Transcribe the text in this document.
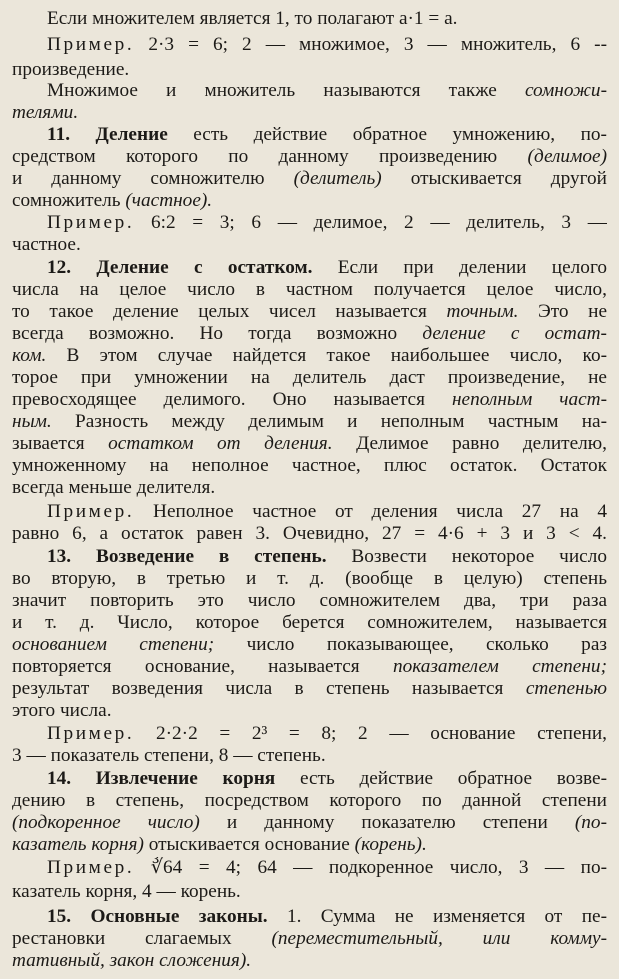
Если множителем является 1, то полагают a·1 = a.
Пример. 2·3 = 6; 2 — множимое, 3 — множитель, 6 --
произведение.
Множимое и множитель называются также сомножи-
телями.
11. Деление есть действие обратное умножению, по-
средством которого по данному произведению (делимое)
и данному сомножителю (делитель) отыскивается другой
сомножитель (частное).
Пример. 6:2 = 3; 6 — делимое, 2 — делитель, 3 —
частное.
12. Деление с остатком. Если при делении целого
числа на целое число в частном получается целое число,
то такое деление целых чисел называется точным. Это не
всегда возможно. Но тогда возможно деление с остат-
ком. В этом случае найдется такое наибольшее число, ко-
торое при умножении на делитель даст произведение, не
превосходящее делимого. Оно называется неполным част-
ным. Разность между делимым и неполным частным на-
зывается остатком от деления. Делимое равно делителю,
умноженному на неполное частное, плюс остаток. Остаток
всегда меньше делителя.
Пример. Неполное частное от деления числа 27 на 4
равно 6, а остаток равен 3. Очевидно, 27 = 4·6 + 3 и 3 < 4.
13. Возведение в степень. Возвести некоторое число
во вторую, в третью и т. д. (вообще в целую) степень
значит повторить это число сомножителем два, три раза
и т. д. Число, которое берется сомножителем, называется
основанием степени; число показывающее, сколько раз
повторяется основание, называется показателем степени;
результат возведения числа в степень называется степенью
этого числа.
Пример. 2·2·2 = 2³ = 8; 2 — основание степени,
3 — показатель степени, 8 — степень.
14. Извлечение корня есть действие обратное возве-
дению в степень, посредством которого по данной степени
(подкоренное число) и данному показателю степени (по-
казатель корня) отыскивается основание (корень).
Пример. ∛64 = 4; 64 — подкоренное число, 3 — по-
казатель корня, 4 — корень.
15. Основные законы. 1. Сумма не изменяется от пе-
рестановки слагаемых (переместительный, или комму-
тативный, закон сложения).
